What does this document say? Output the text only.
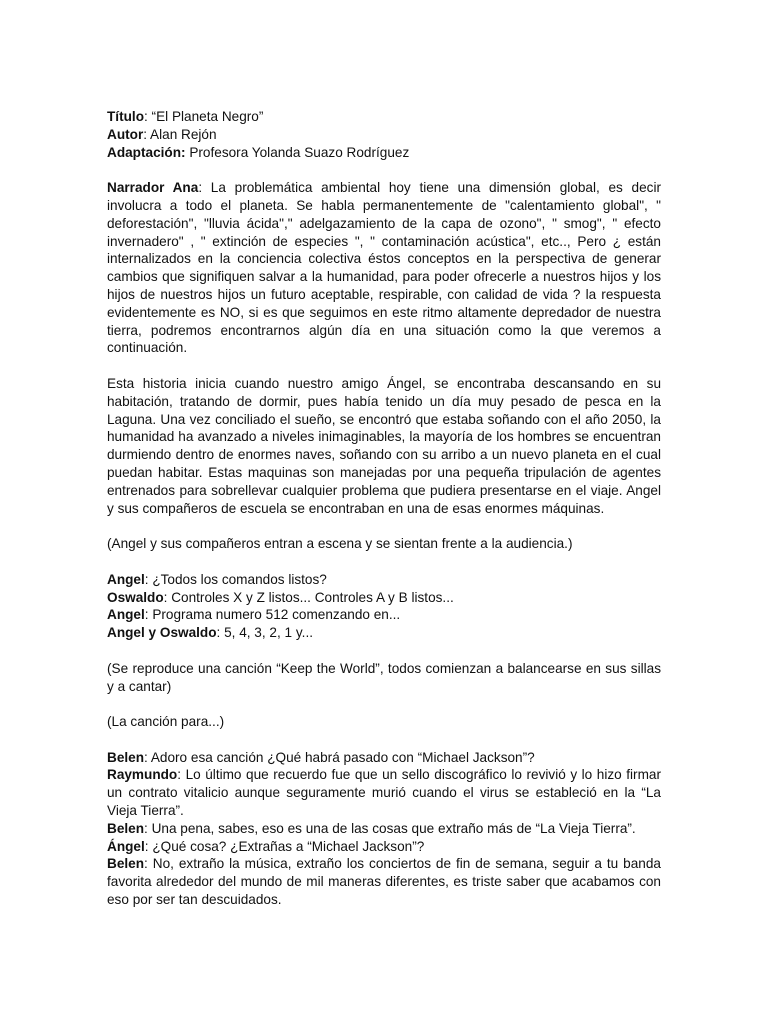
Título: “El Planeta Negro”

Autor: Alan Rejón

Adaptación: Profesora Yolanda Suazo Rodríguez

Narrador Ana: La problemática ambiental hoy tiene una dimensión global, es decir involucra a todo el planeta. Se habla permanentemente de "calentamiento global", " deforestación", "lluvia ácida"," adelgazamiento de la capa de ozono", " smog", " efecto invernadero" , " extinción de especies ", " contaminación acústica", etc.., Pero ¿ están internalizados en la conciencia colectiva éstos conceptos en la perspectiva de generar cambios que signifiquen salvar a la humanidad, para poder ofrecerle a nuestros hijos y los hijos de nuestros hijos un futuro aceptable, respirable, con calidad de vida ? la respuesta evidentemente es NO, si es que seguimos en este ritmo altamente depredador de nuestra tierra, podremos encontrarnos algún día en una situación como la que veremos a continuación.

Esta historia inicia cuando nuestro amigo Ángel, se encontraba descansando en su habitación, tratando de dormir, pues había tenido un día muy pesado de pesca en la Laguna. Una vez conciliado el sueño, se encontró que estaba soñando con el año 2050, la humanidad ha avanzado a niveles inimaginables, la mayoría de los hombres se encuentran durmiendo dentro de enormes naves, soñando con su arribo a un nuevo planeta en el cual puedan habitar. Estas maquinas son manejadas por una pequeña tripulación de agentes entrenados para sobrellevar cualquier problema que pudiera presentarse en el viaje. Angel y sus compañeros de escuela se encontraban en una de esas enormes máquinas.

(Angel y sus compañeros entran a escena y se sientan frente a la audiencia.)

Angel: ¿Todos los comandos listos?

Oswaldo: Controles X y Z listos... Controles A y B listos...

Angel: Programa numero 512 comenzando en...

Angel y Oswaldo: 5, 4, 3, 2, 1 y...

(Se reproduce una canción “Keep the World”, todos comienzan a balancearse en sus sillas y a cantar)

(La canción para...)

Belen: Adoro esa canción ¿Qué habrá pasado con “Michael Jackson”?

Raymundo: Lo último que recuerdo fue que un sello discográfico lo revivió y lo hizo firmar un contrato vitalicio aunque seguramente murió cuando el virus se estableció en la “La Vieja Tierra”.

Belen: Una pena, sabes, eso es una de las cosas que extraño más de “La Vieja Tierra”.

Ángel: ¿Qué cosa? ¿Extrañas a “Michael Jackson”?

Belen: No, extraño la música, extraño los conciertos de fin de semana, seguir a tu banda favorita alrededor del mundo de mil maneras diferentes, es triste saber que acabamos con eso por ser tan descuidados.
